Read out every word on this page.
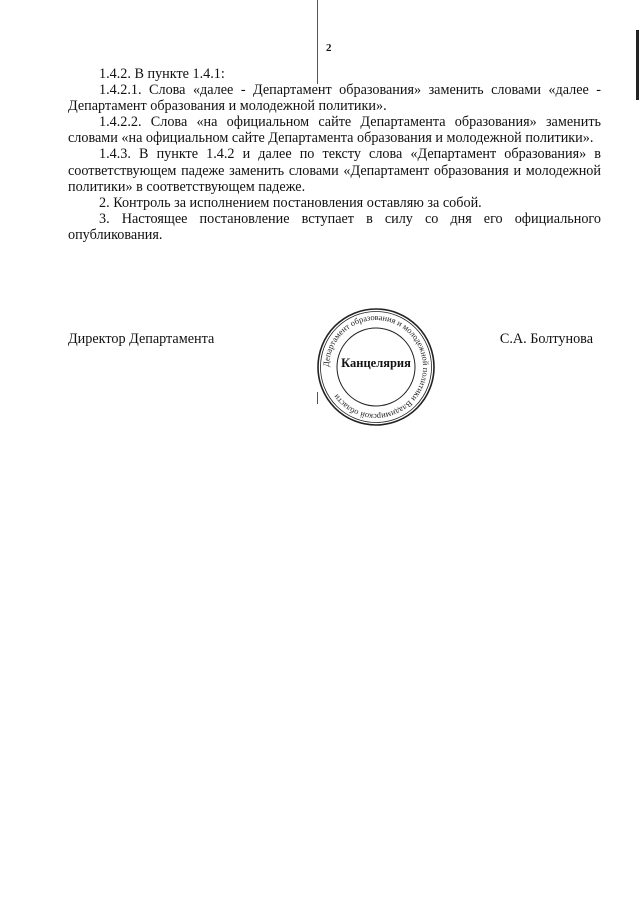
2

1.4.2. В пункте 1.4.1:

1.4.2.1. Слова «далее - Департамент образования» заменить словами «далее - Департамент образования и молодежной политики».

1.4.2.2. Слова «на официальном сайте Департамента образования» заменить словами «на официальном сайте Департамента образования и молодежной политики».

1.4.3. В пункте 1.4.2 и далее по тексту слова «Департамент образования» в соответствующем падеже заменить словами «Департамент образования и молодежной политики» в соответствующем падеже.

2. Контроль за исполнением постановления оставляю за собой.

3. Настоящее постановление вступает в силу со дня его официального опубликования.

Директор Департамента	С.А. Болтунова
Департамент образования и молодежной политики Владимирской области
Канцелярия
